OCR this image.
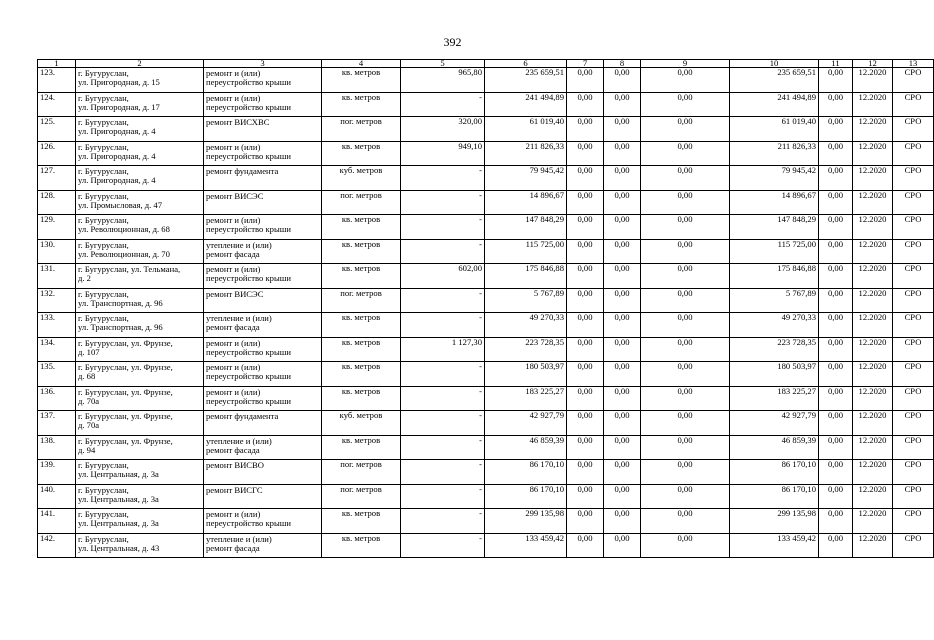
392
1	2	3	4	5	6	7	8	9	10	11	12	13
123.	г. Бугуруслан,
ул. Пригородная, д. 15	ремонт и (или)
переустройство крыши	кв. метров	965,80	235 659,51	0,00	0,00	0,00	235 659,51	0,00	12.2020	СРО
124.	г. Бугуруслан,
ул. Пригородная, д. 17	ремонт и (или)
переустройство крыши	кв. метров	-	241 494,89	0,00	0,00	0,00	241 494,89	0,00	12.2020	СРО
125.	г. Бугуруслан,
ул. Пригородная, д. 4	ремонт ВИСХВС	пог. метров	320,00	61 019,40	0,00	0,00	0,00	61 019,40	0,00	12.2020	СРО
126.	г. Бугуруслан,
ул. Пригородная, д. 4	ремонт и (или)
переустройство крыши	кв. метров	949,10	211 826,33	0,00	0,00	0,00	211 826,33	0,00	12.2020	СРО
127.	г. Бугуруслан,
ул. Пригородная, д. 4	ремонт фундамента	куб. метров	-	79 945,42	0,00	0,00	0,00	79 945,42	0,00	12.2020	СРО
128.	г. Бугуруслан,
ул. Промысловая, д. 47	ремонт ВИСЭС	пог. метров	-	14 896,67	0,00	0,00	0,00	14 896,67	0,00	12.2020	СРО
129.	г. Бугуруслан,
ул. Революционная, д. 68	ремонт и (или)
переустройство крыши	кв. метров	-	147 848,29	0,00	0,00	0,00	147 848,29	0,00	12.2020	СРО
130.	г. Бугуруслан,
ул. Революционная, д. 70	утепление и (или)
ремонт фасада	кв. метров	-	115 725,00	0,00	0,00	0,00	115 725,00	0,00	12.2020	СРО
131.	г. Бугуруслан, ул. Тельмана,
д. 2	ремонт и (или)
переустройство крыши	кв. метров	602,00	175 846,88	0,00	0,00	0,00	175 846,88	0,00	12.2020	СРО
132.	г. Бугуруслан,
ул. Транспортная, д. 96	ремонт ВИСЭС	пог. метров	-	5 767,89	0,00	0,00	0,00	5 767,89	0,00	12.2020	СРО
133.	г. Бугуруслан,
ул. Транспортная, д. 96	утепление и (или)
ремонт фасада	кв. метров	-	49 270,33	0,00	0,00	0,00	49 270,33	0,00	12.2020	СРО
134.	г. Бугуруслан, ул. Фрунзе,
д. 107	ремонт и (или)
переустройство крыши	кв. метров	1 127,30	223 728,35	0,00	0,00	0,00	223 728,35	0,00	12.2020	СРО
135.	г. Бугуруслан, ул. Фрунзе,
д. 68	ремонт и (или)
переустройство крыши	кв. метров	-	180 503,97	0,00	0,00	0,00	180 503,97	0,00	12.2020	СРО
136.	г. Бугуруслан, ул. Фрунзе,
д. 70а	ремонт и (или)
переустройство крыши	кв. метров	-	183 225,27	0,00	0,00	0,00	183 225,27	0,00	12.2020	СРО
137.	г. Бугуруслан, ул. Фрунзе,
д. 70а	ремонт фундамента	куб. метров	-	42 927,79	0,00	0,00	0,00	42 927,79	0,00	12.2020	СРО
138.	г. Бугуруслан, ул. Фрунзе,
д. 94	утепление и (или)
ремонт фасада	кв. метров	-	46 859,39	0,00	0,00	0,00	46 859,39	0,00	12.2020	СРО
139.	г. Бугуруслан,
ул. Центральная, д. 3а	ремонт ВИСВО	пог. метров	-	86 170,10	0,00	0,00	0,00	86 170,10	0,00	12.2020	СРО
140.	г. Бугуруслан,
ул. Центральная, д. 3а	ремонт ВИСГС	пог. метров	-	86 170,10	0,00	0,00	0,00	86 170,10	0,00	12.2020	СРО
141.	г. Бугуруслан,
ул. Центральная, д. 3а	ремонт и (или)
переустройство крыши	кв. метров	-	299 135,98	0,00	0,00	0,00	299 135,98	0,00	12.2020	СРО
142.	г. Бугуруслан,
ул. Центральная, д. 43	утепление и (или)
ремонт фасада	кв. метров	-	133 459,42	0,00	0,00	0,00	133 459,42	0,00	12.2020	СРО
